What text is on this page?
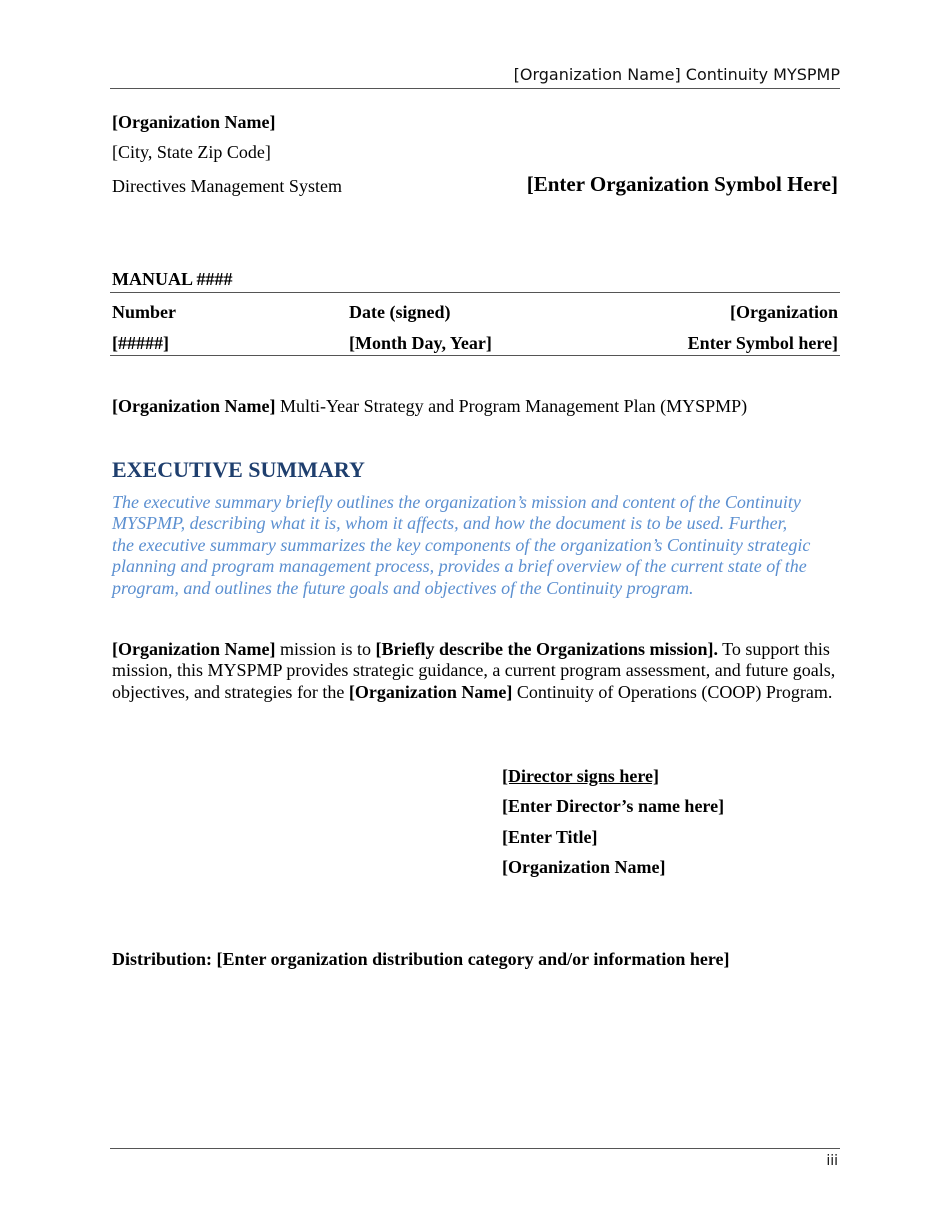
[Organization Name] Continuity MYSPMP
[Organization Name]
[City, State Zip Code]
Directives Management System	[Enter Organization Symbol Here]
MANUAL ####
Number	Date (signed)	[Organization
[#####]	[Month Day, Year]	Enter Symbol here]
[Organization Name] Multi-Year Strategy and Program Management Plan (MYSPMP)
EXECUTIVE SUMMARY
The executive summary briefly outlines the organization’s mission and content of the Continuity
MYSPMP, describing what it is, whom it affects, and how the document is to be used. Further,
the executive summary summarizes the key components of the organization’s Continuity strategic
planning and program management process, provides a brief overview of the current state of the
program, and outlines the future goals and objectives of the Continuity program.
[Organization Name] mission is to [Briefly describe the Organizations mission]. To support this mission, this MYSPMP provides strategic guidance, a current program assessment, and future goals, objectives, and strategies for the [Organization Name] Continuity of Operations (COOP) Program.
[Director signs here]
[Enter Director’s name here]
[Enter Title]
[Organization Name]
Distribution: [Enter organization distribution category and/or information here]
iii
